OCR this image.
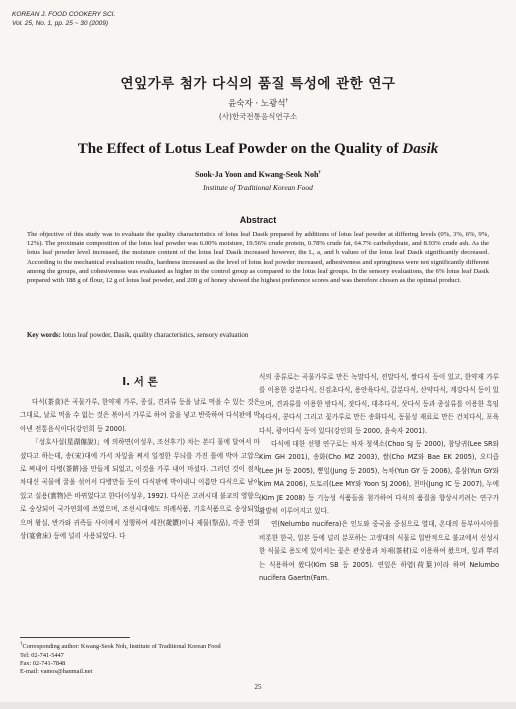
KOREAN J. FOOD COOKERY SCI.
Vol. 25, No. 1, pp. 25 ~ 30 (2009)
연잎가루 첨가 다식의 품질 특성에 관한 연구
윤숙자 · 노광석†
(사)한국전통음식연구소
The Effect of Lotus Leaf Powder on the Quality of Dasik
Sook-Ja Yoon and Kwang-Seok Noh†
Institute of Traditional Korean Food
Abstract
The objective of this study was to evaluate the quality characteristics of lotus leaf Dasik prepared by additions of lotus leaf powder at differing levels (0%, 3%, 6%, 9%, 12%). The proximate composition of the lotus leaf powder was 6.00% moisture, 19.56% crude protein, 0.78% crude fat, 64.7% carbohydrate, and 8.93% crude ash. As the lotus leaf powder level increased, the moisture content of the lotus leaf Dasik increased however, the L, a, and b values of the lotus leaf Dasik significantly decreased. According to the mechanical evaluation results, hardness increased as the level of lotus leaf powder increased, adhesiveness and springiness were not significantly different among the groups, and cohesiveness was evaluated as higher in the control group as compared to the lotus leaf groups. In the sensory evaluations, the 6% lotus leaf Dasik prepared with 188 g of flour, 12 g of lotus leaf powder, and 200 g of honey showed the highest preference scores and was therefore chosen as the optimal product.
Key words: lotus leaf powder, Dasik, quality characteristics, sensory evaluation
I. 서 론

다식(茶食)은 곡물가루, 한약재 가루, 종실, 견과류 등을 날로 먹을 수 있는 것은 그대로, 날로 먹을 수 없는 것은 볶아서 가루로 하여 꿀을 넣고 반죽하여 다식판에 박아낸 전통음식이다(강인희 등 2000).

「성호사설(星湖僿說)」에 의하면(이성우, 조선후기) 차는 본디 물에 달여서 마셨다고 하는데, 송(宋)대에 가서 차잎을 쪄서 일정한 무늬를 가진 틀에 박아 고압으로 쪄내어 다병(茶餠)을 만들게 되었고, 이것을 가루 내어 마셨다. 그러던 것이 점차 차대신 곡물에 꿀을 섞어서 다병만들 듯이 다식판에 박아내니 이름만 다식으로 남아있고 실용(實物)은 바뀌었다고 한다(이성우, 1992). 다식은 고려시대 불교의 영향으로 숭상되어 국가연회에 쓰였으며, 조선시대에도 의례식품, 기호식품으로 숭상되었으며 왕실, 반가와 귀족들 사이에서 성행하여 세찬(歲饌)이나 제물(祭品), 각종 연회상(宴會床) 등에 널리 사용되었다. 다

식의 종류로는 곡물가루로 만든 녹말다식, 전말다식, 쌀다식 등이 있고, 한약재 가루를 이용한 강분다식, 신검초다식, 용안육다식, 갈분다식, 산약다식, 계강다식 등이 있으며, 견과류를 이용한 밤다식, 잣다식, 대추다식, 삿다식 등과 종실류를 이용한 흑임자다식, 콩다식 그리고 꽃가루로 만든 송화다식, 동물성 재료로 만든 건치다식, 포육다식, 광어다식 등이 있다(강인희 등 2000, 윤숙자 2001).

다식에 대한 선행 연구로는 차자 청색소(Choo SJ 등 2000), 참당귀(Lee SR와 Kim GH 2001), 송화(Cho MZ 2003), 쌀(Cho MZ와 Bae EK 2005), 오디즙(Lee JH 등 2005), 뽕잎(Jung 등 2005), 녹차(Yun GY 등 2006), 홍삼(Yun GY와 Kim MA 2006), 도토리(Lee MY와 Yoon SJ 2006), 천마(Jung IC 등 2007), 누에(Kim JE 2008) 등 기능성 식품들을 첨가하여 다식의 품질을 향상시키려는 연구가 활발히 이루어지고 있다.

연(Nelumbo nucifera)은 인도와 중국을 중심으로 열대, 온대의 동부아시아를 비롯한 한국, 일본 등에 널리 분포하는 고생대의 식물로 일반적으로 불교에서 신성시한 식물로 용도에 있어서는 꽃은 관상용과 차재(茶材)로 이용하여 왔으며, 잎과 뿌리는 식용하여 왔다(Kim SB 등 2005). 연잎은 하엽(荷葉)이라 하며 Nelumbo nucifera Gaertn(Fam.

†Corresponding author: Kwang-Seok Noh, Institute of Traditional Korean Food
Tel: 02-741-5447
Fax: 02-741-7848
E-mail: vamos@hanmail.net
25
